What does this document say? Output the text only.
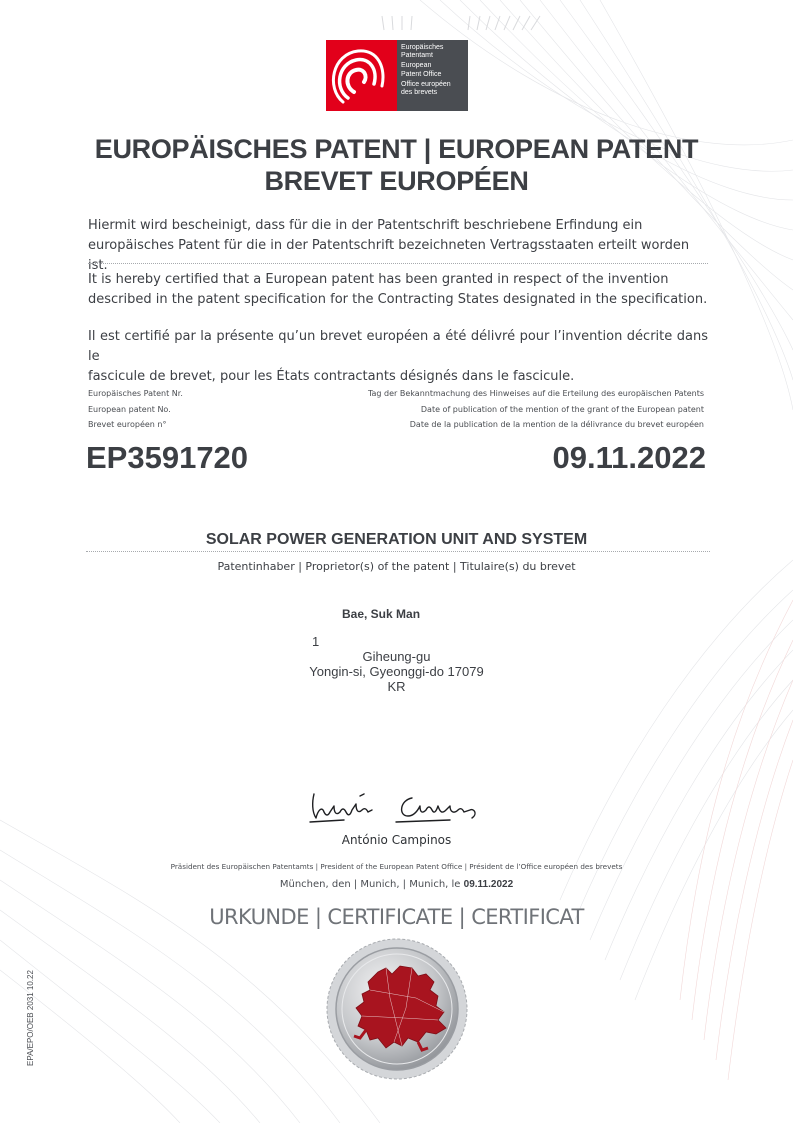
Europäisches
Patentamt
European
Patent Office
Office européen
des brevets
EUROPÄISCHES PATENT | EUROPEAN PATENT
BREVET EUROPÉEN
Hiermit wird bescheinigt, dass für die in der Patentschrift beschriebene Erfindung ein
europäisches Patent für die in der Patentschrift bezeichneten Vertragsstaaten erteilt worden ist.
It is hereby certified that a European patent has been granted in respect of the invention
described in the patent specification for the Contracting States designated in the specification.
Il est certifié par la présente qu’un brevet européen a été délivré pour l’invention décrite dans le
fascicule de brevet, pour les États contractants désignés dans le fascicule.
Europäisches Patent Nr.
European patent No.
Brevet européen n°
Tag der Bekanntmachung des Hinweises auf die Erteilung des europäischen Patents
Date of publication of the mention of the grant of the European patent
Date de la publication de la mention de la délivrance du brevet européen
EP3591720	09.11.2022
SOLAR POWER GENERATION UNIT AND SYSTEM
Patentinhaber | Proprietor(s) of the patent | Titulaire(s) du brevet
Bae, Suk Man
1
Giheung-gu
Yongin-si, Gyeonggi-do 17079
KR
António Campinos
Präsident des Europäischen Patentamts | President of the European Patent Office | Président de l’Office européen des brevets
München, den | Munich, | Munich, le 09.11.2022
URKUNDE | CERTIFICATE | CERTIFICAT
EPA/EPO/OEB 2031 10.22
